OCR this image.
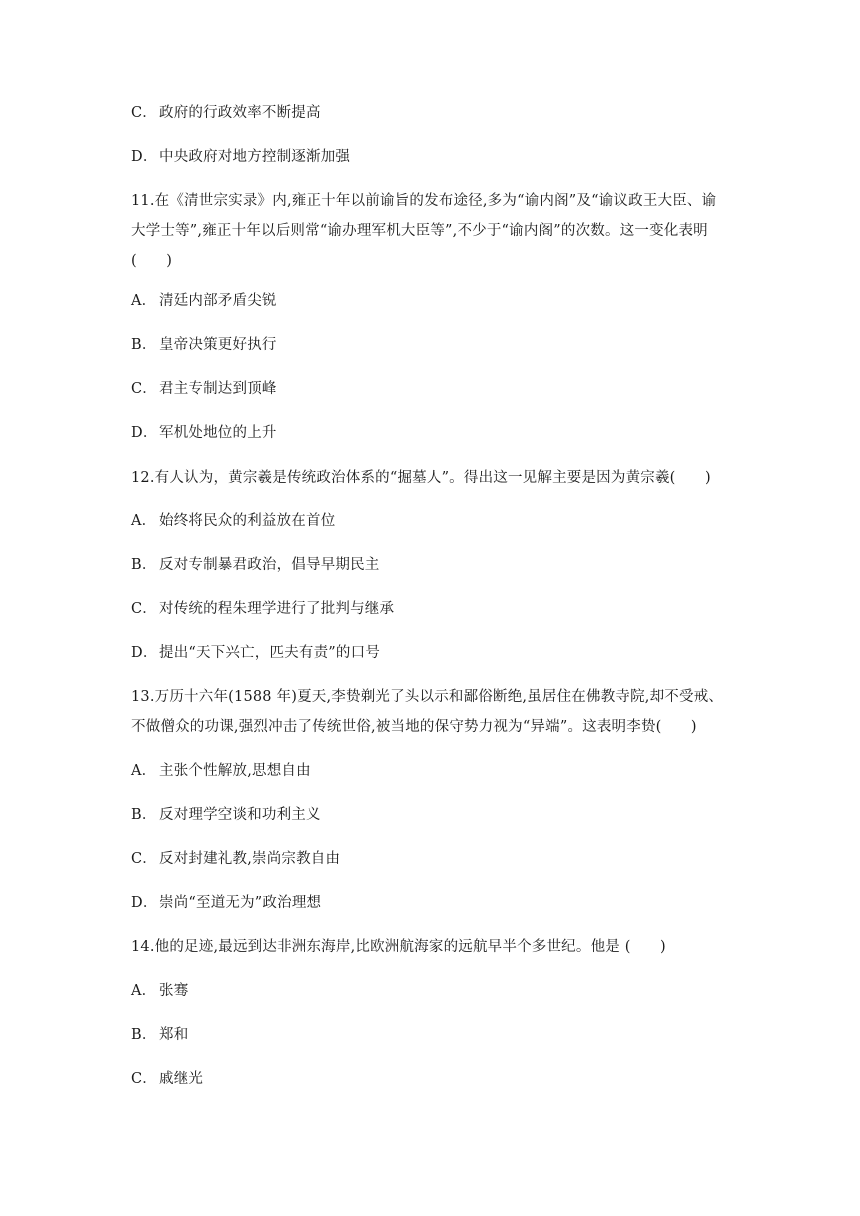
C． 政府的行政效率不断提高
D．中央政府对地方控制逐渐加强
11.在《清世宗实录》内,雍正十年以前谕旨的发布途径,多为“谕内阁”及“谕议政王大臣、谕
大学士等”,雍正十年以后则常“谕办理军机大臣等”,不少于“谕内阁”的次数。这一变化表明
(　　)
A． 清廷内部矛盾尖锐
B． 皇帝决策更好执行
C． 君主专制达到顶峰
D．军机处地位的上升
12.有人认为，黄宗羲是传统政治体系的“掘墓人”。得出这一见解主要是因为黄宗羲(　　)
A． 始终将民众的利益放在首位
B． 反对专制暴君政治，倡导早期民主
C． 对传统的程朱理学进行了批判与继承
D．提出“天下兴亡，匹夫有责”的口号
13.万历十六年(1588 年)夏天,李贽剃光了头以示和鄙俗断绝,虽居住在佛教寺院,却不受戒、
不做僧众的功课,强烈冲击了传统世俗,被当地的保守势力视为“异端”。这表明李贽(　　)
A． 主张个性解放,思想自由
B． 反对理学空谈和功利主义
C． 反对封建礼教,崇尚宗教自由
D．崇尚“至道无为”政治理想
14.他的足迹,最远到达非洲东海岸,比欧洲航海家的远航早半个多世纪。他是 (　　)
A． 张骞
B． 郑和
C． 戚继光
